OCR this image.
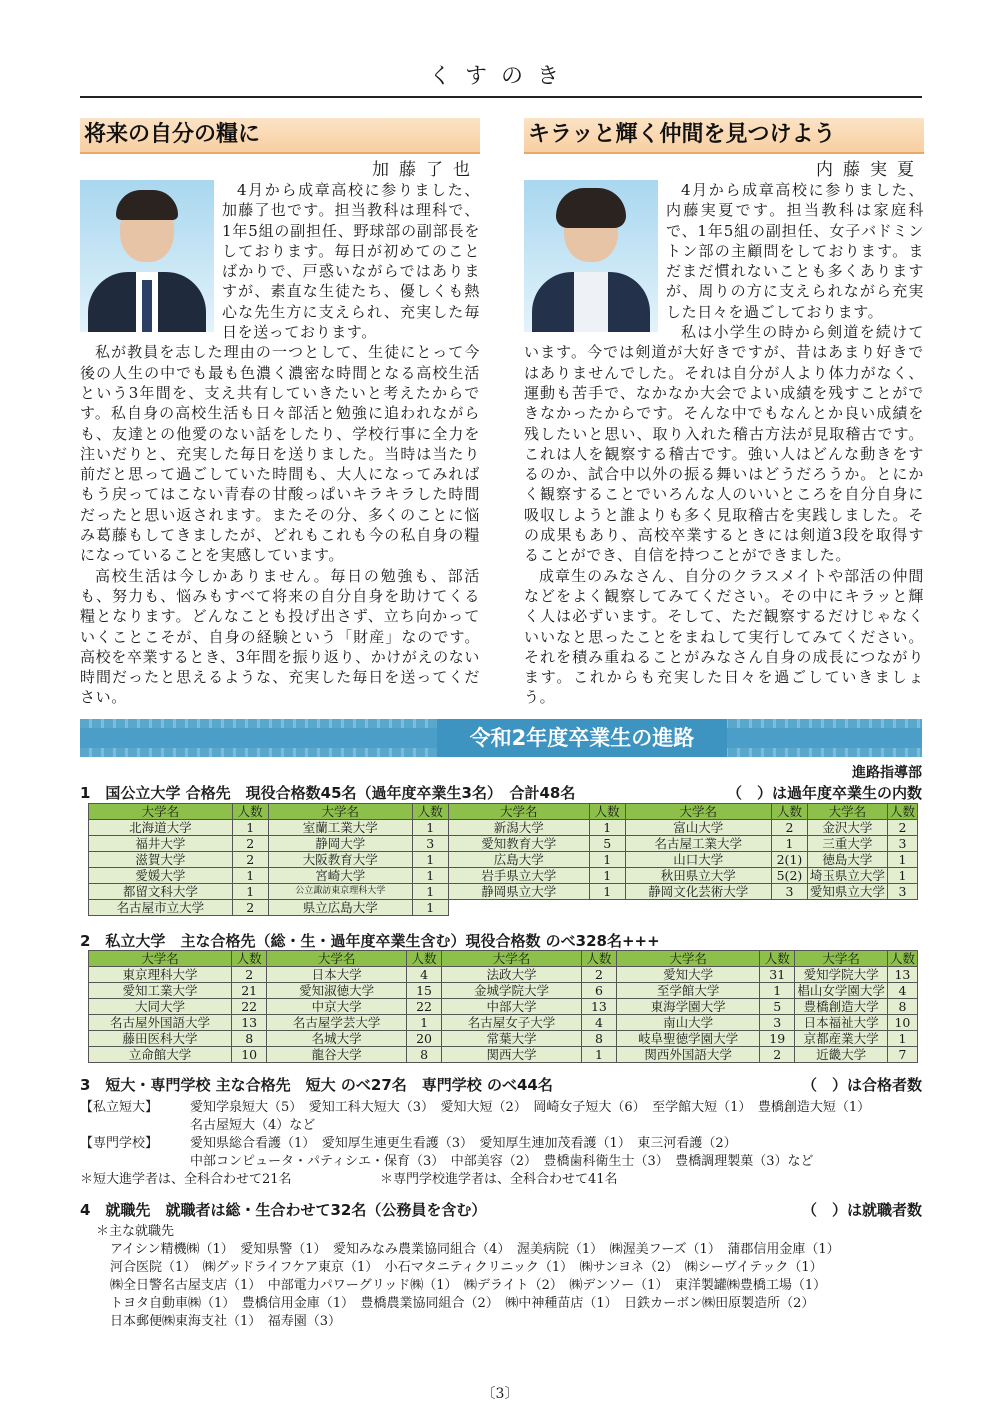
くすのき
将来の自分の糧に
加藤了也

4月から成章高校に参りました、加藤了也です。担当教科は理科で、1年5組の副担任、野球部の副部長をしております。毎日が初めてのことばかりで、戸惑いながらではありますが、素直な生徒たち、優しくも熱心な先生方に支えられ、充実した毎日を送っております。

私が教員を志した理由の一つとして、生徒にとって今後の人生の中でも最も色濃く濃密な時間となる高校生活という3年間を、支え共有していきたいと考えたからです。私自身の高校生活も日々部活と勉強に追われながらも、友達との他愛のない話をしたり、学校行事に全力を注いだりと、充実した毎日を送りました。当時は当たり前だと思って過ごしていた時間も、大人になってみればもう戻ってはこない青春の甘酸っぱいキラキラした時間だったと思い返されます。またその分、多くのことに悩み葛藤もしてきましたが、どれもこれも今の私自身の糧になっていることを実感しています。

高校生活は今しかありません。毎日の勉強も、部活も、努力も、悩みもすべて将来の自分自身を助けてくる糧となります。どんなことも投げ出さず、立ち向かっていくことこそが、自身の経験という「財産」なのです。高校を卒業するとき、3年間を振り返り、かけがえのない時間だったと思えるような、充実した毎日を送ってください。

キラッと輝く仲間を見つけよう
内藤実夏

4月から成章高校に参りました、内藤実夏です。担当教科は家庭科で、1年5組の副担任、女子バドミントン部の主顧問をしております。まだまだ慣れないことも多くありますが、周りの方に支えられながら充実した日々を過ごしております。

私は小学生の時から剣道を続けています。今では剣道が大好きですが、昔はあまり好きではありませんでした。それは自分が人より体力がなく、運動も苦手で、なかなか大会でよい成績を残すことができなかったからです。そんな中でもなんとか良い成績を残したいと思い、取り入れた稽古方法が見取稽古です。これは人を観察する稽古です。強い人はどんな動きをするのか、試合中以外の振る舞いはどうだろうか。とにかく観察することでいろんな人のいいところを自分自身に吸収しようと誰よりも多く見取稽古を実践しました。その成果もあり、高校卒業するときには剣道3段を取得することができ、自信を持つことができました。

成章生のみなさん、自分のクラスメイトや部活の仲間などをよく観察してみてください。その中にキラッと輝く人は必ずいます。そして、ただ観察するだけじゃなくいいなと思ったことをまねして実行してみてください。それを積み重ねることがみなさん自身の成長につながります。これからも充実した日々を過ごしていきましょう。

令和2年度卒業生の進路
進路指導部
1　国公立大学 合格先　現役合格数45名（過年度卒業生3名）　合計48名	（　）は過年度卒業生の内数
大学名	人数	大学名	人数	大学名	人数	大学名	人数	大学名	人数
北海道大学	1	室蘭工業大学	1	新潟大学	1	富山大学	2	金沢大学	2
福井大学	2	静岡大学	3	愛知教育大学	5	名古屋工業大学	1	三重大学	3
滋賀大学	2	大阪教育大学	1	広島大学	1	山口大学	2(1)	徳島大学	1
愛媛大学	1	宮崎大学	1	岩手県立大学	1	秋田県立大学	5(2)	埼玉県立大学	1
都留文科大学	1	公立諏訪東京理科大学	1	静岡県立大学	1	静岡文化芸術大学	3	愛知県立大学	3
名古屋市立大学	2	県立広島大学	1						
2　私立大学　主な合格先（総・生・過年度卒業生含む）現役合格数 のべ328名+++
大学名	人数	大学名	人数	大学名	人数	大学名	人数	大学名	人数
東京理科大学	2	日本大学	4	法政大学	2	愛知大学	31	愛知学院大学	13
愛知工業大学	21	愛知淑徳大学	15	金城学院大学	6	至学館大学	1	椙山女学園大学	4
大同大学	22	中京大学	22	中部大学	13	東海学園大学	5	豊橋創造大学	8
名古屋外国語大学	13	名古屋学芸大学	1	名古屋女子大学	4	南山大学	3	日本福祉大学	10
藤田医科大学	8	名城大学	20	常葉大学	8	岐阜聖徳学園大学	19	京都産業大学	1
立命館大学	10	龍谷大学	8	関西大学	1	関西外国語大学	2	近畿大学	7
3　短大・専門学校 主な合格先　短大 のべ27名　専門学校 のべ44名	（　）は合格者数
【私立短大】 愛知学泉短大（5）　愛知工科大短大（3）　愛知大短（2）　岡崎女子短大（6）　至学館大短（1）　豊橋創造大短（1）
名古屋短大（4）など
【専門学校】 愛知県総合看護（1）　愛知厚生連更生看護（3）　愛知厚生連加茂看護（1）　東三河看護（2）
中部コンピュータ・パティシエ・保育（3）　中部美容（2）　豊橋歯科衛生士（3）　豊橋調理製菓（3）など
＊短大進学者は、全科合わせて21名	＊専門学校進学者は、全科合わせて41名
4　就職先　就職者は総・生合わせて32名（公務員を含む）	（　）は就職者数
＊主な就職先
アイシン精機㈱（1）　愛知県警（1）　愛知みなみ農業協同組合（4）　渥美病院（1）　㈱渥美フーズ（1）　蒲郡信用金庫（1）
河合医院（1）　㈱グッドライフケア東京（1）　小石マタニティクリニック（1）　㈱サンヨネ（2）　㈱シーヴイテック（1）
㈱全日警名古屋支店（1）　中部電力パワーグリッド㈱（1）　㈱デライト（2）　㈱デンソー（1）　東洋製罐㈱豊橋工場（1）
トヨタ自動車㈱（1）　豊橋信用金庫（1）　豊橋農業協同組合（2）　㈱中神種苗店（1）　日鉄カーボン㈱田原製造所（2）
日本郵便㈱東海支社（1）　福寿園（3）
〔3〕
